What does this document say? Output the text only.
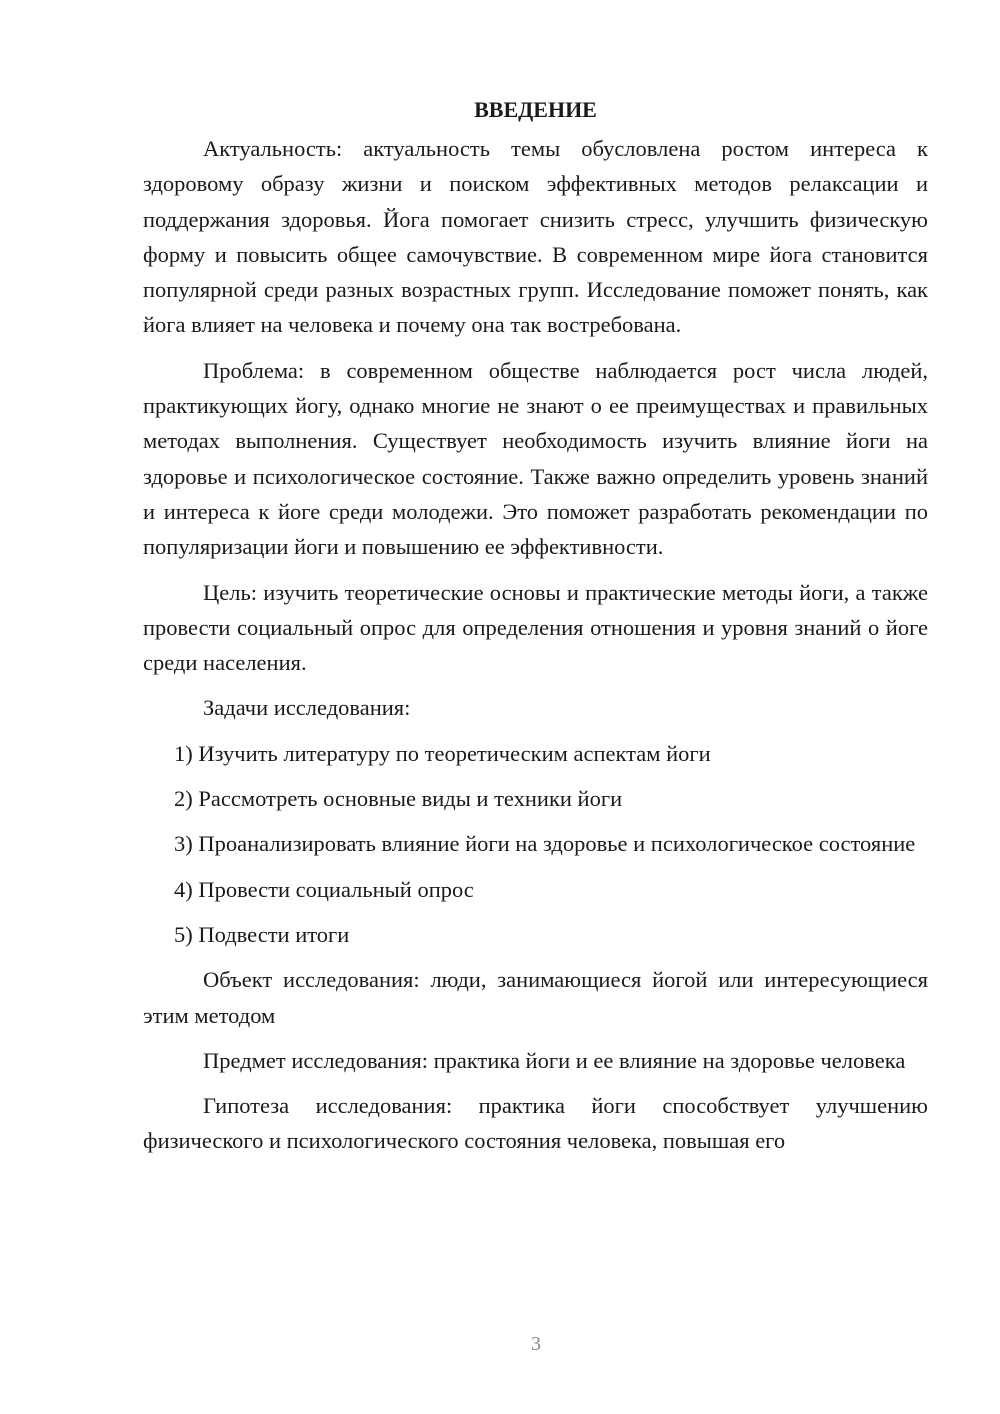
ВВЕДЕНИЕ

Актуальность: актуальность темы обусловлена ростом интереса к здоровому образу жизни и поиском эффективных методов релаксации и поддержания здоровья. Йога помогает снизить стресс, улучшить физическую форму и повысить общее самочувствие. В современном мире йога становится популярной среди разных возрастных групп. Исследование поможет понять, как йога влияет на человека и почему она так востребована.

Проблема: в современном обществе наблюдается рост числа людей, практикующих йогу, однако многие не знают о ее преимуществах и правильных методах выполнения. Существует необходимость изучить влияние йоги на здоровье и психологическое состояние. Также важно определить уровень знаний и интереса к йоге среди молодежи. Это поможет разработать рекомендации по популяризации йоги и повышению ее эффективности.

Цель: изучить теоретические основы и практические методы йоги, а также провести социальный опрос для определения отношения и уровня знаний о йоге среди населения.

Задачи исследования:

1) Изучить литературу по теоретическим аспектам йоги

2) Рассмотреть основные виды и техники йоги

3) Проанализировать влияние йоги на здоровье и психологическое состояние

4) Провести социальный опрос

5) Подвести итоги

Объект исследования: люди, занимающиеся йогой или интересующиеся этим методом

Предмет исследования: практика йоги и ее влияние на здоровье человека

Гипотеза исследования: практика йоги способствует улучшению физического и психологического состояния человека, повышая его

3
